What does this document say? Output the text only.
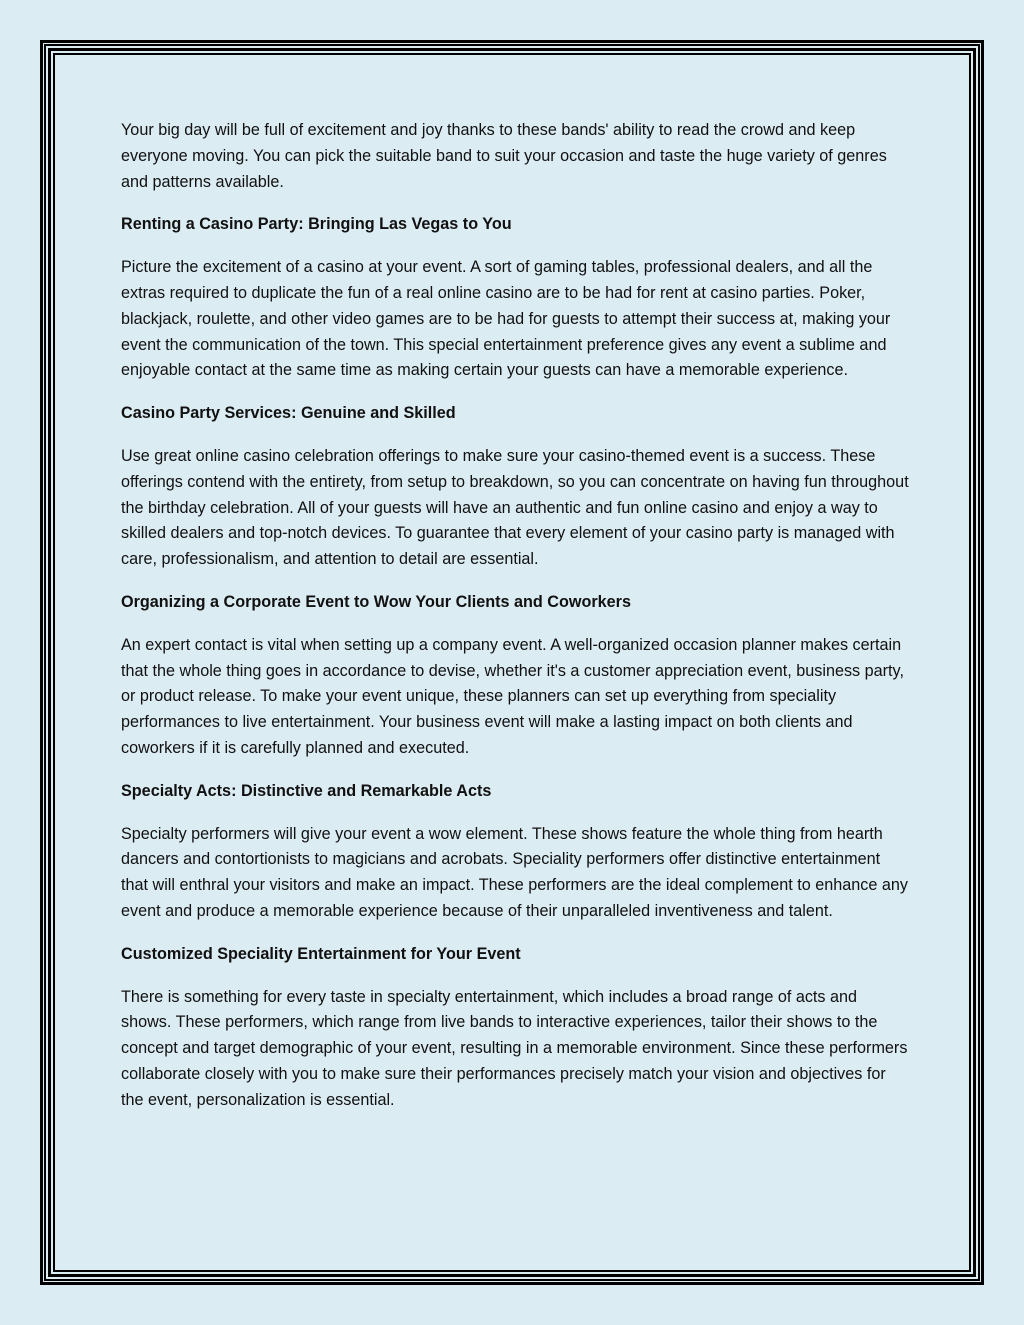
Your big day will be full of excitement and joy thanks to these bands' ability to read the crowd and keep everyone moving. You can pick the suitable band to suit your occasion and taste the huge variety of genres and patterns available.

Renting a Casino Party: Bringing Las Vegas to You

Picture the excitement of a casino at your event. A sort of gaming tables, professional dealers, and all the extras required to duplicate the fun of a real online casino are to be had for rent at casino parties. Poker, blackjack, roulette, and other video games are to be had for guests to attempt their success at, making your event the communication of the town. This special entertainment preference gives any event a sublime and enjoyable contact at the same time as making certain your guests can have a memorable experience.

Casino Party Services: Genuine and Skilled

Use great online casino celebration offerings to make sure your casino-themed event is a success. These offerings contend with the entirety, from setup to breakdown, so you can concentrate on having fun throughout the birthday celebration. All of your guests will have an authentic and fun online casino and enjoy a way to skilled dealers and top-notch devices. To guarantee that every element of your casino party is managed with care, professionalism, and attention to detail are essential.

Organizing a Corporate Event to Wow Your Clients and Coworkers

An expert contact is vital when setting up a company event. A well-organized occasion planner makes certain that the whole thing goes in accordance to devise, whether it's a customer appreciation event, business party, or product release. To make your event unique, these planners can set up everything from speciality performances to live entertainment. Your business event will make a lasting impact on both clients and coworkers if it is carefully planned and executed.

Specialty Acts: Distinctive and Remarkable Acts

Specialty performers will give your event a wow element. These shows feature the whole thing from hearth dancers and contortionists to magicians and acrobats. Speciality performers offer distinctive entertainment that will enthral your visitors and make an impact. These performers are the ideal complement to enhance any event and produce a memorable experience because of their unparalleled inventiveness and talent.

Customized Speciality Entertainment for Your Event

There is something for every taste in specialty entertainment, which includes a broad range of acts and shows. These performers, which range from live bands to interactive experiences, tailor their shows to the concept and target demographic of your event, resulting in a memorable environment. Since these performers collaborate closely with you to make sure their performances precisely match your vision and objectives for the event, personalization is essential.
